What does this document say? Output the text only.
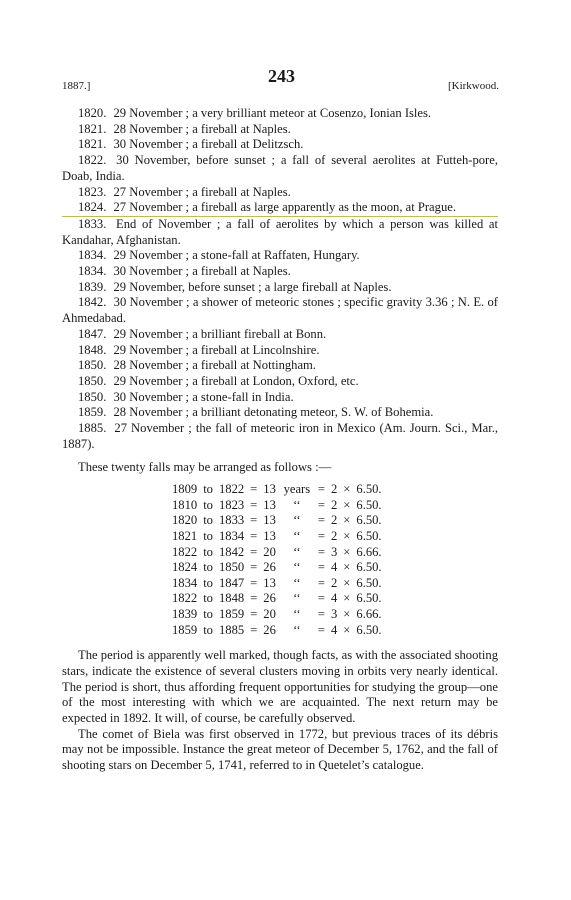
1887.]	243	[Kirkwood.

1820. 29 November ; a very brilliant meteor at Cosenzo, Ionian Isles.

1821. 28 November ; a fireball at Naples.

1821. 30 November ; a fireball at Delitzsch.

1822. 30 November, before sunset ; a fall of several aerolites at Futteh-pore, Doab, India.

1823. 27 November ; a fireball at Naples.

1824. 27 November ; a fireball as large apparently as the moon, at Prague.

1833. End of November ; a fall of aerolites by which a person was killed at Kandahar, Afghanistan.

1834. 29 November ; a stone-fall at Raffaten, Hungary.

1834. 30 November ; a fireball at Naples.

1839. 29 November, before sunset ; a large fireball at Naples.

1842. 30 November ; a shower of meteoric stones ; specific gravity 3.36 ; N. E. of Ahmedabad.

1847. 29 November ; a brilliant fireball at Bonn.

1848. 29 November ; a fireball at Lincolnshire.

1850. 28 November ; a fireball at Nottingham.

1850. 29 November ; a fireball at London, Oxford, etc.

1850. 30 November ; a stone-fall in India.

1859. 28 November ; a brilliant detonating meteor, S. W. of Bohemia.

1885. 27 November ; the fall of meteoric iron in Mexico (Am. Journ. Sci., Mar., 1887).

These twenty falls may be arranged as follows :—

1809	to	1822	=	13	years	=	2	×	6.50.
1810	to	1823	=	13	‘‘	=	2	×	6.50.
1820	to	1833	=	13	‘‘	=	2	×	6.50.
1821	to	1834	=	13	‘‘	=	2	×	6.50.
1822	to	1842	=	20	‘‘	=	3	×	6.66.
1824	to	1850	=	26	‘‘	=	4	×	6.50.
1834	to	1847	=	13	‘‘	=	2	×	6.50.
1822	to	1848	=	26	‘‘	=	4	×	6.50.
1839	to	1859	=	20	‘‘	=	3	×	6.66.
1859	to	1885	=	26	‘‘	=	4	×	6.50.

The period is apparently well marked, though facts, as with the associated shooting stars, indicate the existence of several clusters moving in orbits very nearly identical. The period is short, thus affording frequent opportunities for studying the group—one of the most interesting with which we are acquainted. The next return may be expected in 1892. It will, of course, be carefully observed.

The comet of Biela was first observed in 1772, but previous traces of its débris may not be impossible. Instance the great meteor of December 5, 1762, and the fall of shooting stars on December 5, 1741, referred to in Quetelet’s catalogue.
